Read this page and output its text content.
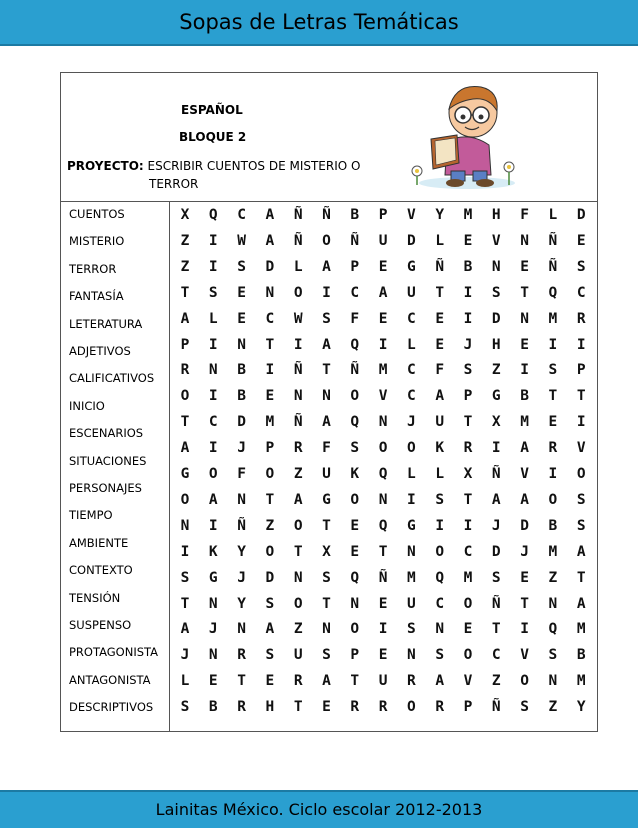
Sopas de Letras Temáticas
ESPAÑOL
BLOQUE 2
PROYECTO: ESCRIBIR CUENTOS DE MISTERIO O
TERROR
CUENTOS
MISTERIO
TERROR
FANTASÍA
LETERATURA
ADJETIVOS
CALIFICATIVOS
INICIO
ESCENARIOS
SITUACIONES
PERSONAJES
TIEMPO
AMBIENTE
CONTEXTO
TENSIÓN
SUSPENSO
PROTAGONISTA
ANTAGONISTA
DESCRIPTIVOS
X	Q	C	A	Ñ	Ñ	B	P	V	Y	M	H	F	L	D
Z	I	W	A	Ñ	O	Ñ	U	D	L	E	V	N	Ñ	E
Z	I	S	D	L	A	P	E	G	Ñ	B	N	E	Ñ	S
T	S	E	N	O	I	C	A	U	T	I	S	T	Q	C
A	L	E	C	W	S	F	E	C	E	I	D	N	M	R
P	I	N	T	I	A	Q	I	L	E	J	H	E	I	I
R	N	B	I	Ñ	T	Ñ	M	C	F	S	Z	I	S	P
O	I	B	E	N	N	O	V	C	A	P	G	B	T	T
T	C	D	M	Ñ	A	Q	N	J	U	T	X	M	E	I
A	I	J	P	R	F	S	O	O	K	R	I	A	R	V
G	O	F	O	Z	U	K	Q	L	L	X	Ñ	V	I	O
O	A	N	T	A	G	O	N	I	S	T	A	A	O	S
N	I	Ñ	Z	O	T	E	Q	G	I	I	J	D	B	S
I	K	Y	O	T	X	E	T	N	O	C	D	J	M	A
S	G	J	D	N	S	Q	Ñ	M	Q	M	S	E	Z	T
T	N	Y	S	O	T	N	E	U	C	O	Ñ	T	N	A
A	J	N	A	Z	N	O	I	S	N	E	T	I	Q	M
J	N	R	S	U	S	P	E	N	S	O	C	V	S	B
L	E	T	E	R	A	T	U	R	A	V	Z	O	N	M
S	B	R	H	T	E	R	R	O	R	P	Ñ	S	Z	Y
Lainitas México. Ciclo escolar 2012-2013
